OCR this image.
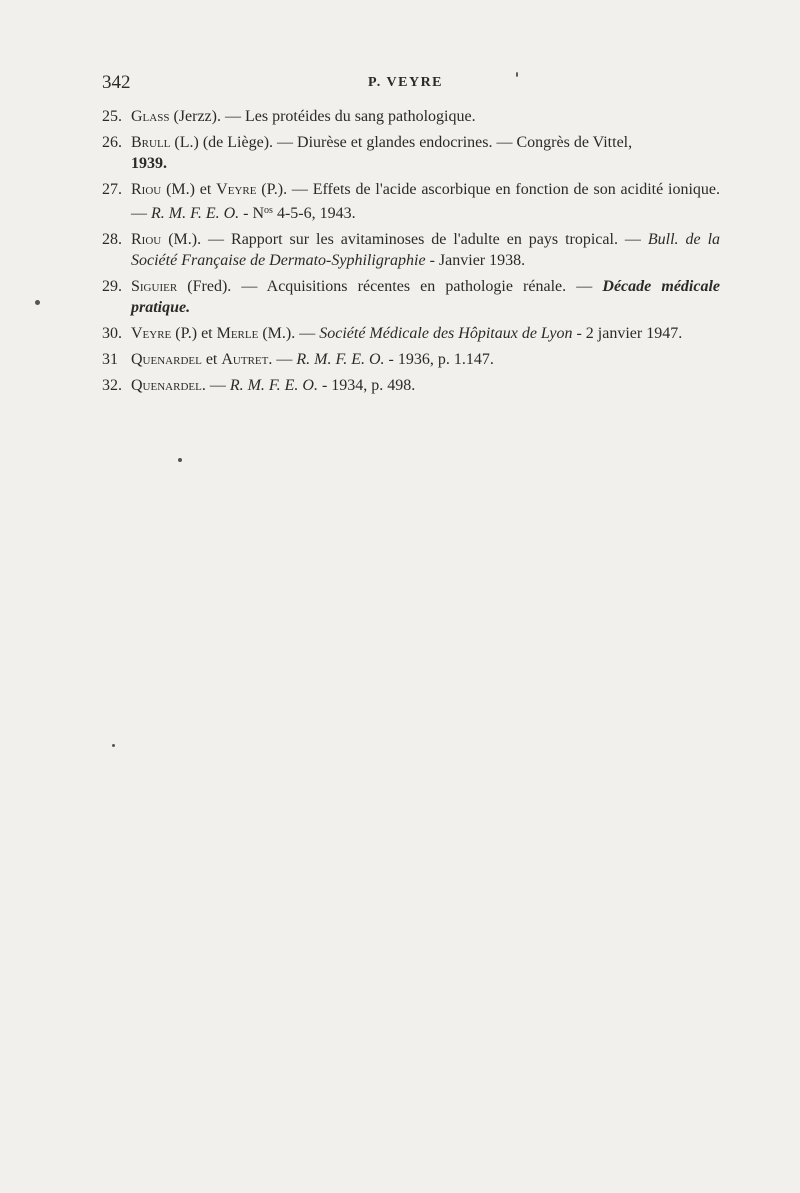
342	P. VEYRE
25. Glass (Jerzz). — Les protéides du sang pathologique.
26. Brull (L.) (de Liège). — Diurèse et glandes endocrines. — Congrès de Vittel,
1939.
27. Riou (M.) et Veyre (P.). — Effets de l'acide ascorbique en fonction de son acidité ionique. — R. M. F. E. O. - $N^{os}$ 4-5-6, 1943.
28. Riou (M.). — Rapport sur les avitaminoses de l'adulte en pays tropical. — Bull. de la Société Française de Dermato-Syphiligraphie - Janvier 1938.
29. Siguier (Fred). — Acquisitions récentes en pathologie rénale. — Décade médicale pratique.
30. Veyre (P.) et Merle (M.). — Société Médicale des Hôpitaux de Lyon - 2 janvier 1947.
31 Quenardel et Autret. — R. M. F. E. O. - 1936, p. 1.147.
32. Quenardel. — R. M. F. E. O. - 1934, p. 498.
